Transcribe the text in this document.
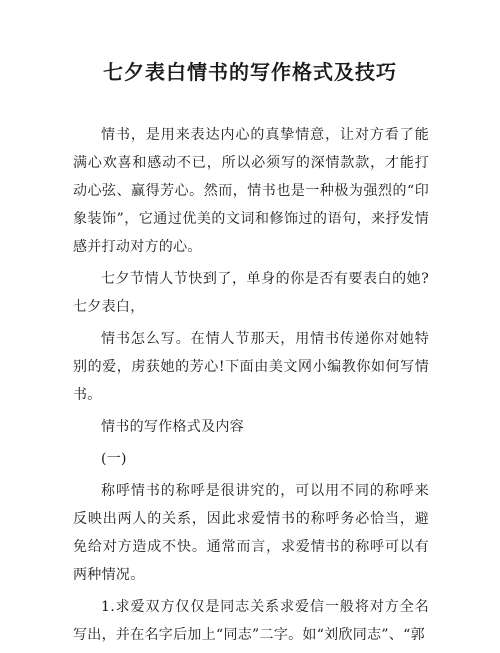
七夕表白情书的写作格式及技巧

情书，是用来表达内心的真挚情意，让对方看了能满心欢喜和感动不已，所以必须写的深情款款，才能打动心弦、赢得芳心。然而，情书也是一种极为强烈的“印象装饰”，它通过优美的文词和修饰过的语句，来抒发情感并打动对方的心。

七夕节情人节快到了，单身的你是否有要表白的她?七夕表白，

情书怎么写。在情人节那天，用情书传递你对她特别的爱，虏获她的芳心!下面由美文网小编教你如何写情书。

情书的写作格式及内容

(一)

称呼情书的称呼是很讲究的，可以用不同的称呼来反映出两人的关系，因此求爱情书的称呼务必恰当，避免给对方造成不快。通常而言，求爱情书的称呼可以有两种情况。

1.求爱双方仅仅是同志关系求爱信一般将对方全名写出，并在名字后加上“同志”二字。如“刘欣同志”、“郭
